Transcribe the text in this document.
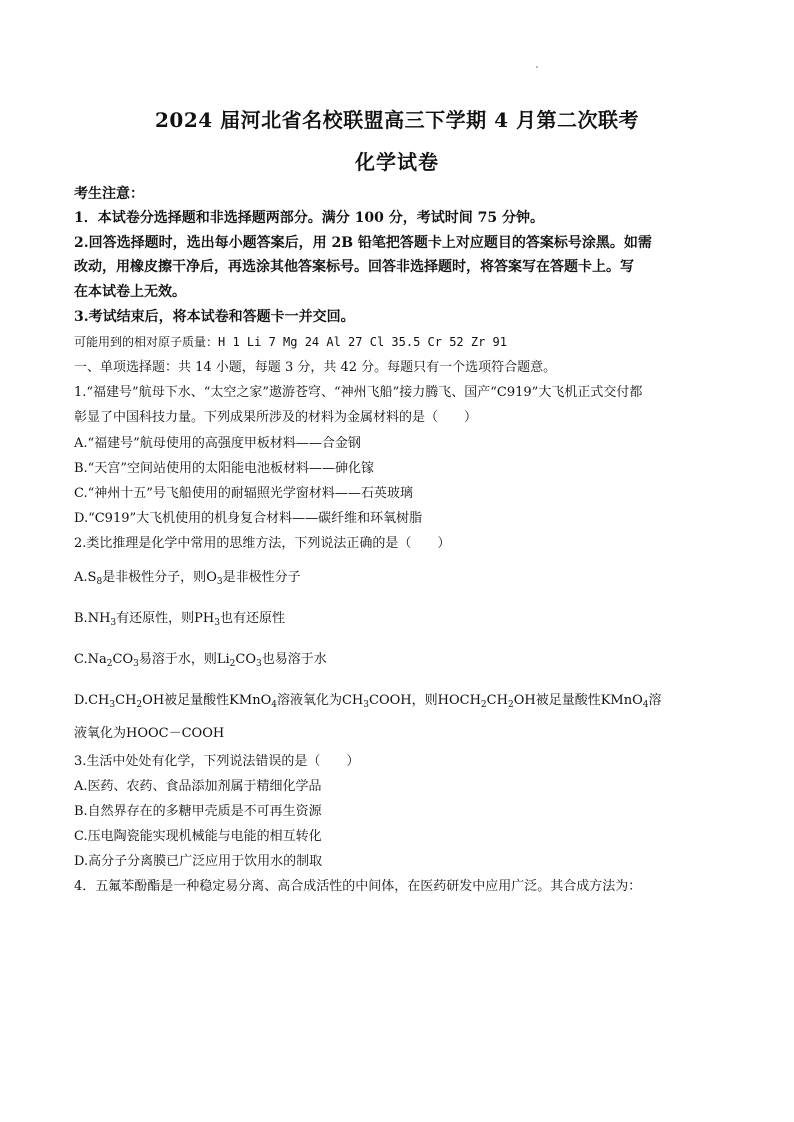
2024 届河北省名校联盟高三下学期 4 月第二次联考
化学试卷
考生注意：
1．本试卷分选择题和非选择题两部分。满分 100 分，考试时间 75 分钟。
2.回答选择题时，选出每小题答案后，用 2B 铅笔把答题卡上对应题目的答案标号涂黑。如需
改动，用橡皮擦干净后，再选涂其他答案标号。回答非选择题时，将答案写在答题卡上。写
在本试卷上无效。
3.考试结束后，将本试卷和答题卡一并交回。
可能用到的相对原子质量：H 1 Li 7 Mg 24 Al 27 Cl 35.5 Cr 52 Zr 91
一、单项选择题：共 14 小题，每题 3 分，共 42 分。每题只有一个选项符合题意。
1.“福建号”航母下水、“太空之家”遨游苍穹、“神州飞船”接力腾飞、国产“C919”大飞机正式交付都
彰显了中国科技力量。下列成果所涉及的材料为金属材料的是（　　）
A.“福建号”航母使用的高强度甲板材料——合金钢
B.“天宫”空间站使用的太阳能电池板材料——砷化镓
C.“神州十五”号飞船使用的耐辐照光学窗材料——石英玻璃
D.“C919”大飞机使用的机身复合材料——碳纤维和环氧树脂
2.类比推理是化学中常用的思维方法，下列说法正确的是（　　）
$A.S_8$是非极性分子，则$O_3$是非极性分子
$B.NH_3$有还原性，则$PH_3$也有还原性
$C.Na_2CO_3$易溶于水，则$Li_2CO_3$也易溶于水
$D.CH_3CH_2OH$被足量酸性KMnO$_4$溶液氧化为$CH_3COOH$，则$HOCH_2CH_2OH$被足量酸性KMnO$_4$溶
液氧化为HOOC－COOH
3.生活中处处有化学，下列说法错误的是（　　）
A.医药、农药、食品添加剂属于精细化学品
B.自然界存在的多糖甲壳质是不可再生资源
C.压电陶瓷能实现机械能与电能的相互转化
D.高分子分离膜已广泛应用于饮用水的制取
4．五氟苯酚酯是一种稳定易分离、高合成活性的中间体，在医药研发中应用广泛。其合成方法为：
